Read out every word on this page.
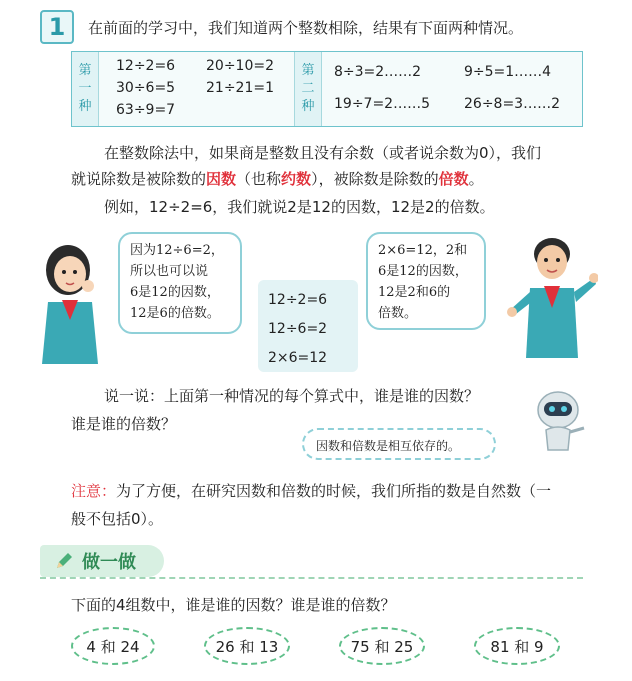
1	在前面的学习中，我们知道两个整数相除，结果有下面两种情况。
第
一
种
12÷2=6 20÷10=2
30÷6=5 21÷21=1
63÷9=7
第
二
种
8÷3=2……2	9÷5=1……4
19÷7=2……5 26÷8=3……2
在整数除法中，如果商是整数且没有余数（或者说余数为0），我们
就说除数是被除数的因数（也称约数），被除数是除数的倍数。
例如，12÷2=6，我们就说2是12的因数，12是2的倍数。
因为12÷6=2，
所以也可以说
6是12的因数，
12是6的倍数。
12÷2=6
12÷6=2
2×6=12
2×6=12，2和
6是12的因数，
12是2和6的
倍数。
说一说：上面第一种情况的每个算式中，谁是谁的因数？
谁是谁的倍数？
因数和倍数是相互依存的。
注意：为了方便，在研究因数和倍数的时候，我们所指的数是自然数（一
般不包括0）。
做一做
下面的4组数中，谁是谁的因数？谁是谁的倍数？
4 和 24	26 和 13	75 和 25	81 和 9
